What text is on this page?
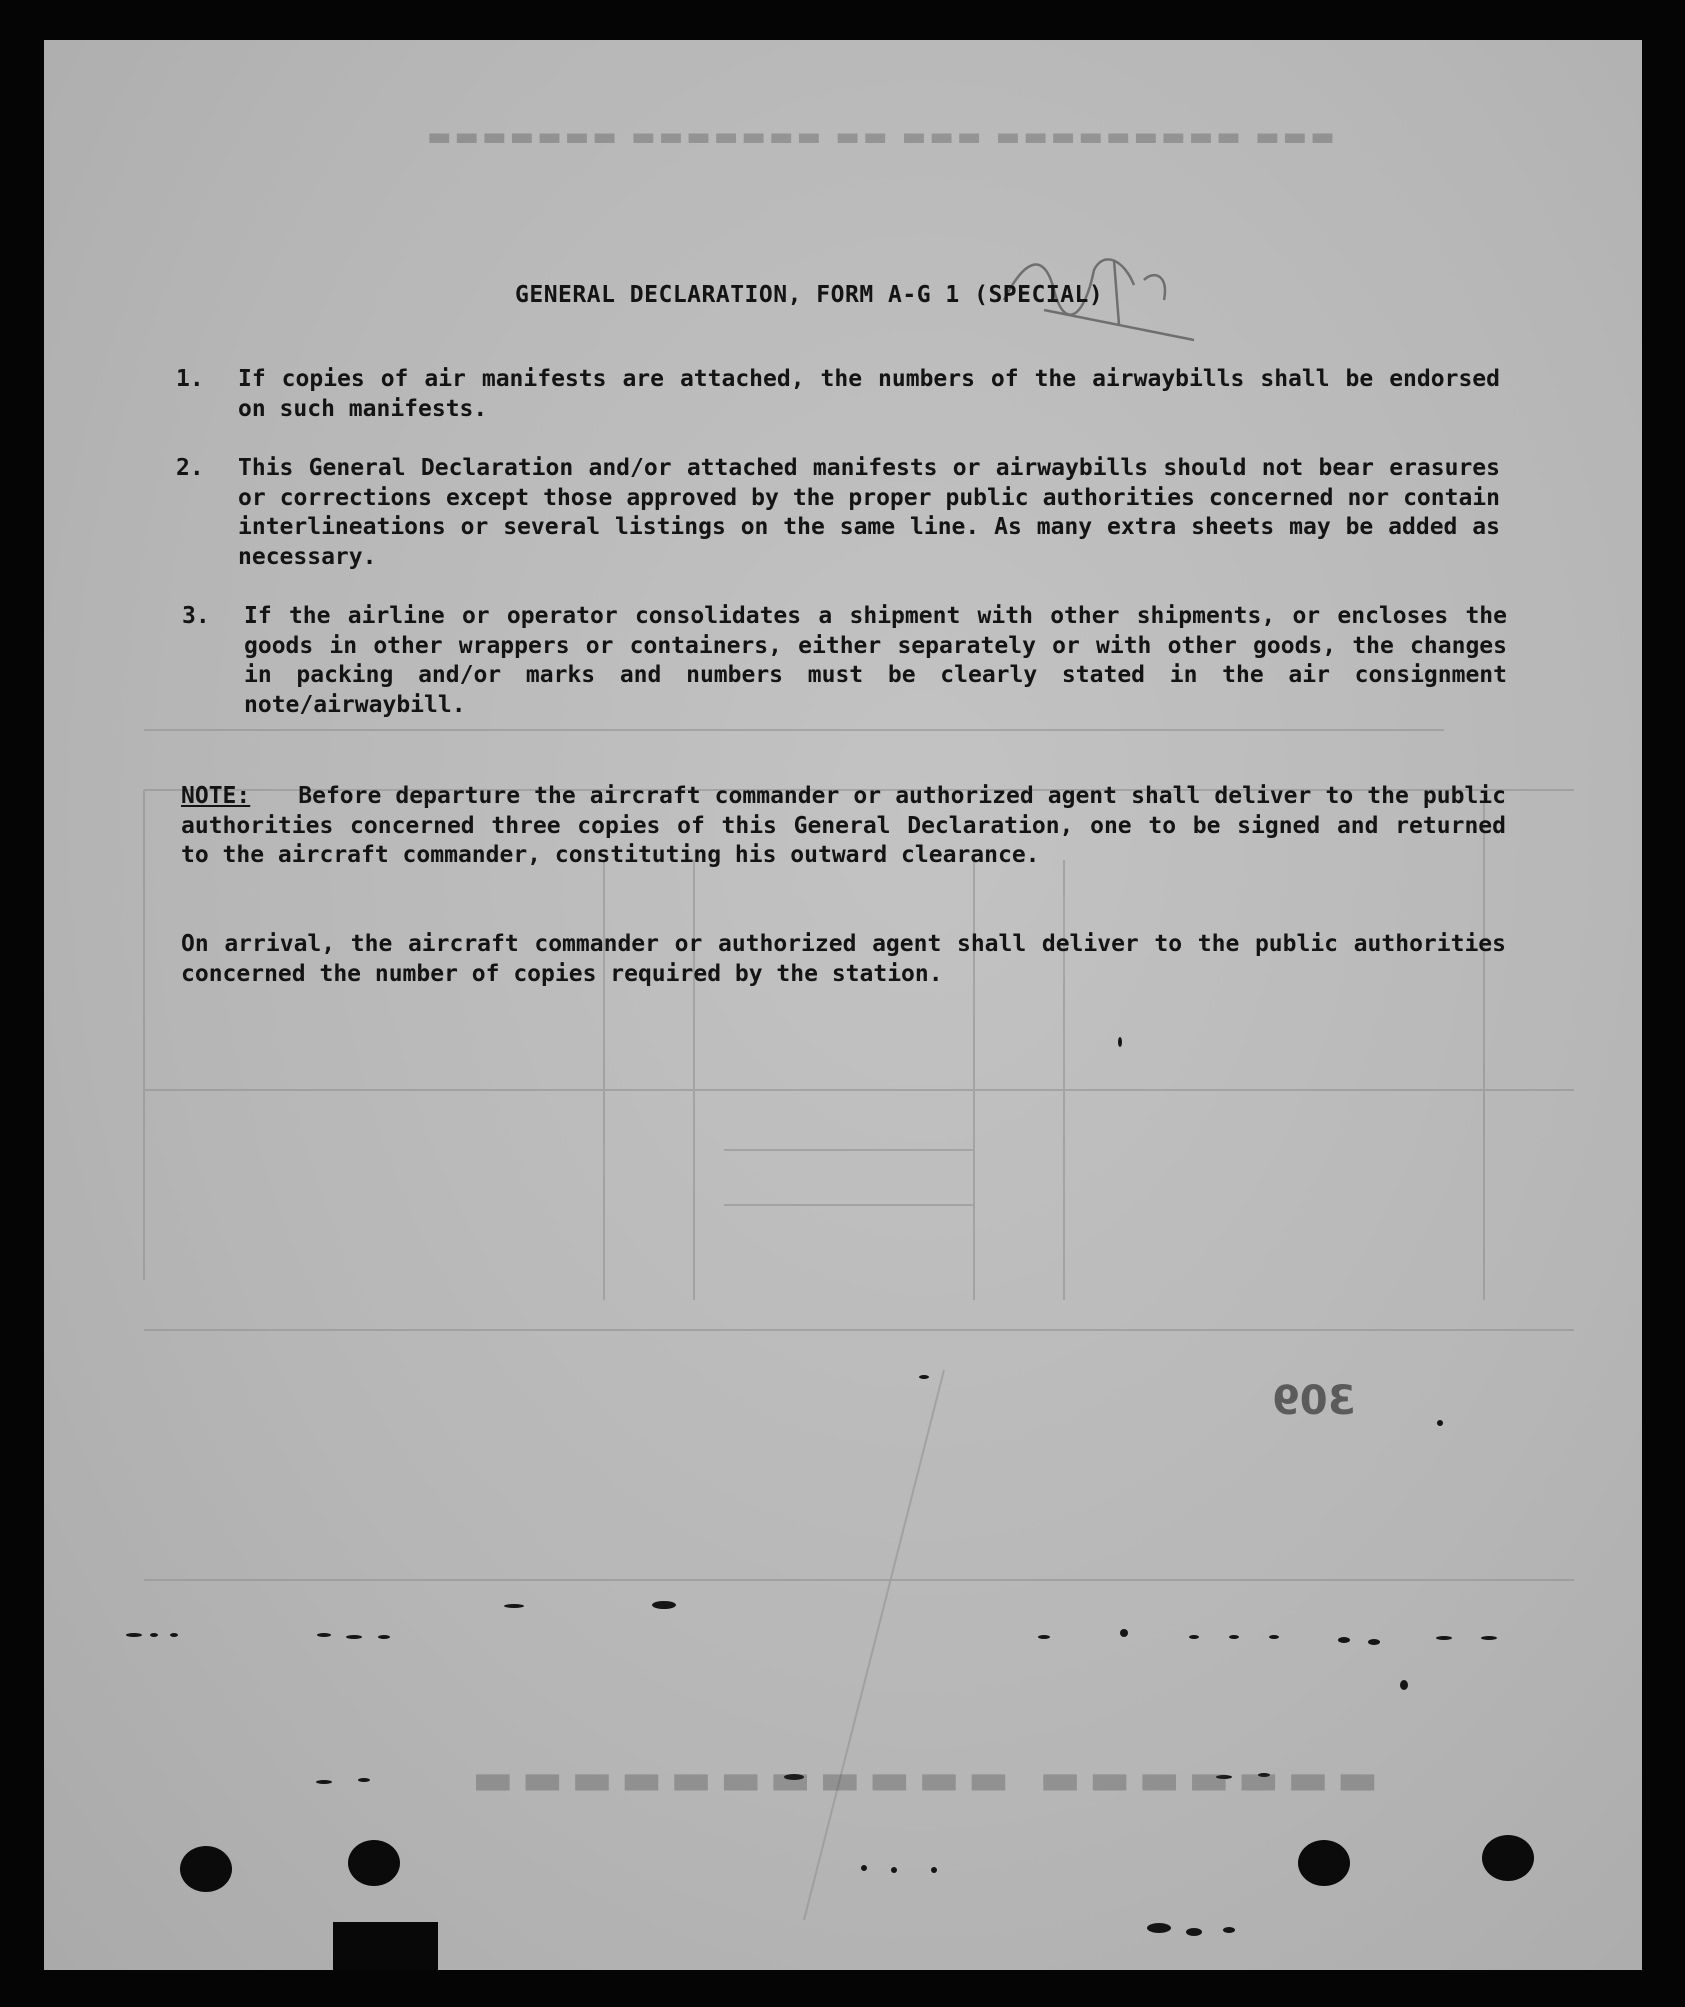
▬▬▬ ▬▬▬▬▬▬▬▬▬ ▬▬▬ ▬▬ ▬▬▬▬▬▬▬ ▬▬▬▬▬▬▬
▬▬▬▬▬▬▬ ▬▬▬▬▬▬▬▬▬▬▬
GENERAL DECLARATION, FORM A-G 1 (SPECIAL)
1. If copies of air manifests are attached, the numbers of the airwaybills shall be endorsed on such manifests.
2. This General Declaration and/or attached manifests or airwaybills should not bear erasures or corrections except those approved by the proper public authorities concerned nor contain interlineations or several listings on the same line. As many extra sheets may be added as necessary.
3. If the airline or operator consolidates a shipment with other shipments, or encloses the goods in other wrappers or containers, either separately or with other goods, the changes in packing and/or marks and numbers must be clearly stated in the air consignment note/airwaybill.
NOTE: Before departure the aircraft commander or authorized agent shall deliver to the public authorities concerned three copies of this General Declaration, one to be signed and returned to the aircraft commander, constituting his outward clearance.
On arrival, the aircraft commander or authorized agent shall deliver to the public authorities concerned the number of copies required by the station.
309
